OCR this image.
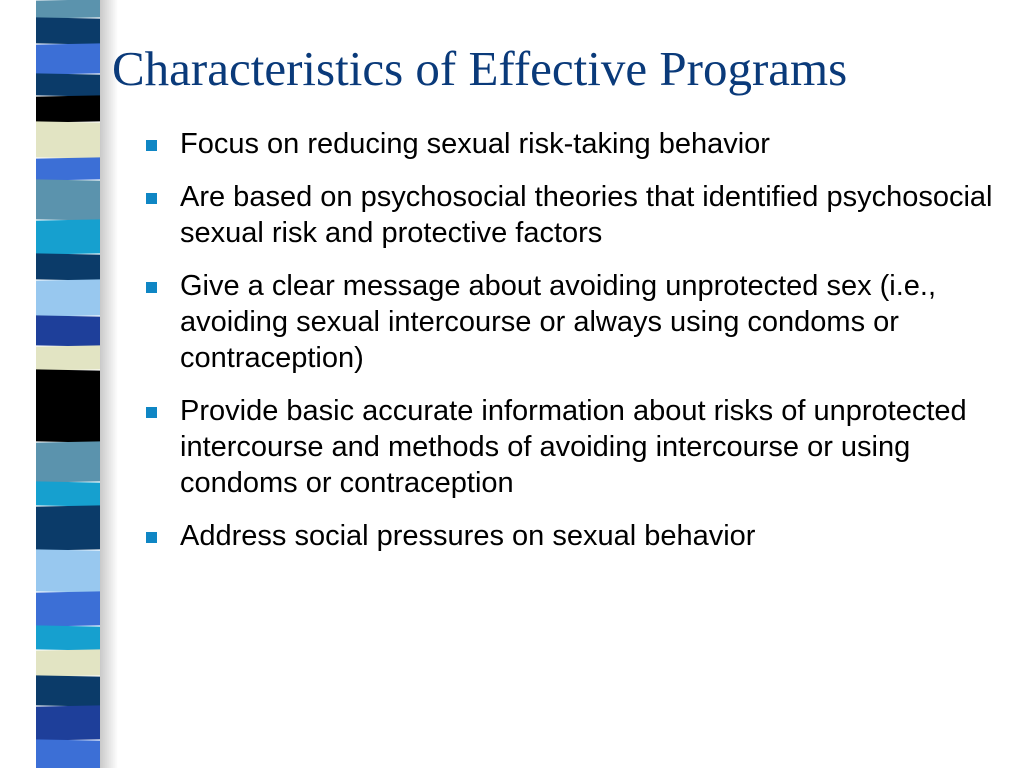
Characteristics of Effective Programs
Focus on reducing sexual risk-taking behavior
Are based on psychosocial theories that identified psychosocial sexual risk and protective factors
Give a clear message about avoiding unprotected sex (i.e., avoiding sexual intercourse or always using condoms or contraception)
Provide basic accurate information about risks of unprotected intercourse and methods of avoiding intercourse or using condoms or contraception
Address social pressures on sexual behavior
